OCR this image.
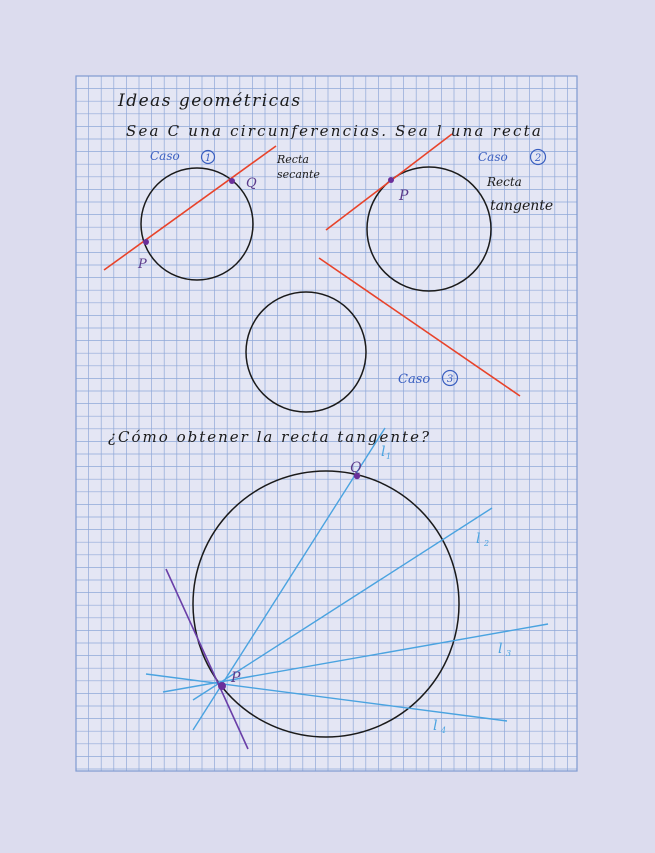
Ideas geométricas
Sea C una circunferencias. Sea l una recta
Caso	1
P
Q
Recta
secante
Caso	2
P
Recta
tangente
Caso 3
¿Cómo obtener la recta tangente?
Q
P
l 1
l 2
l 3
l 4
